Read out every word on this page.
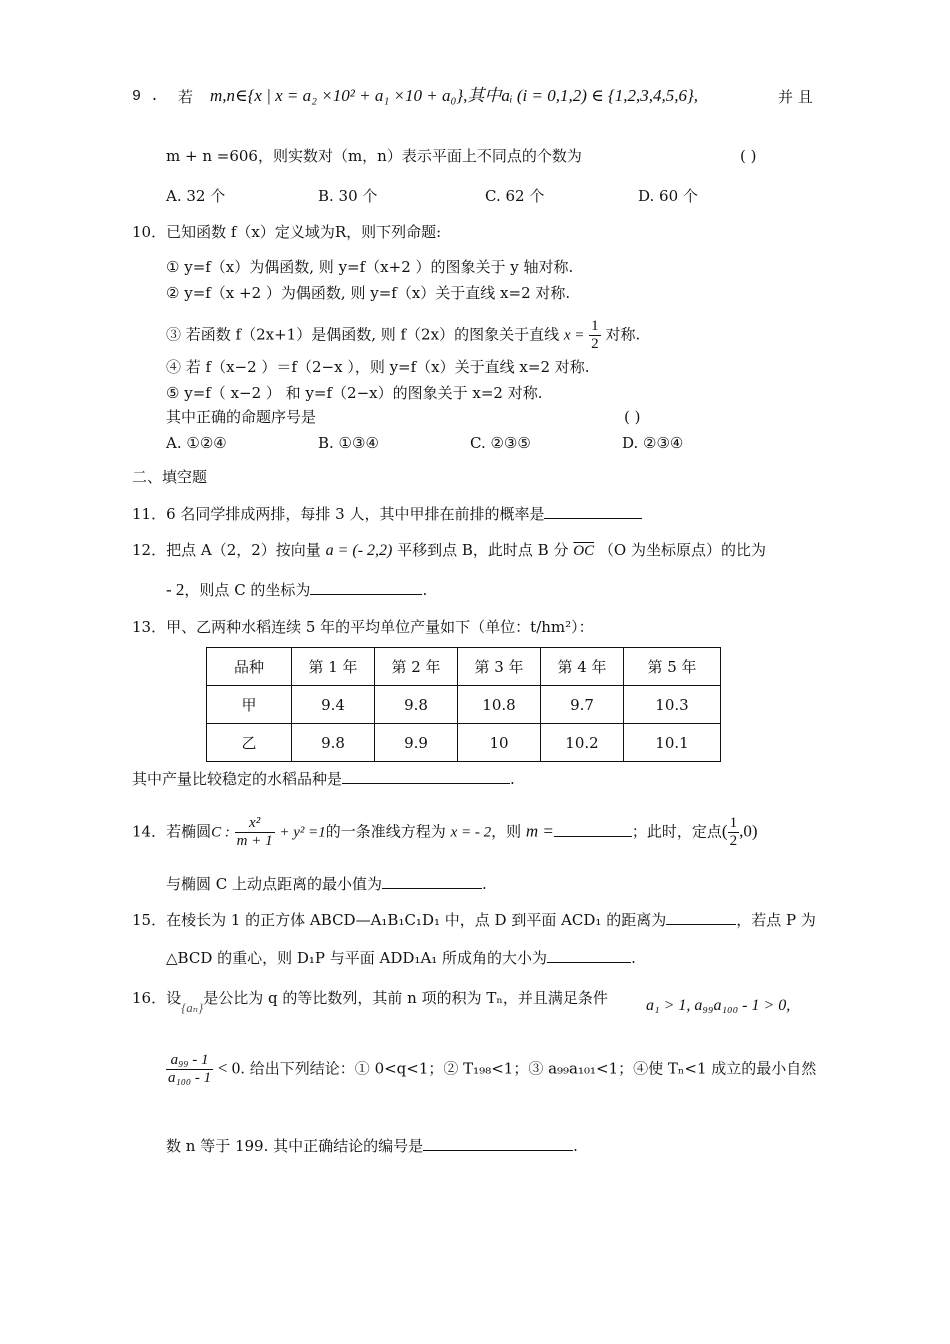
9 . 若 m,n∈{x | x = a₂ ×10² + a₁ ×10 + a₀},其中aᵢ (i = 0,1,2) ∈ {1,2,3,4,5,6},	并 且
m + n =606，则实数对（m，n）表示平面上不同点的个数为	( )
A. 32 个	B. 30 个	C. 62 个	D. 60 个
10．已知函数 f（x）定义域为R，则下列命题:
① y=f（x）为偶函数, 则 y=f（x+2 ）的图象关于 y 轴对称.
② y=f（x +2 ）为偶函数, 则 y=f（x）关于直线 x=2 对称.
③ 若函数 f（2x+1）是偶函数, 则 f（2x）的图象关于直线 $x = \frac{1}{2}$ 对称.
④ 若 f（x−2 ）＝f（2−x ），则 y=f（x）关于直线 x=2 对称.
⑤ y=f（ x−2 ） 和 y=f（2−x）的图象关于 x=2 对称.
其中正确的命题序号是	( )
A. ①②④	B. ①③④	C. ②③⑤	D. ②③④
二、填空题
11．6 名同学排成两排，每排 3 人，其中甲排在前排的概率是
12．把点 A（2，2）按向量 a = (- 2,2) 平移到点 B，此时点 B 分 $\overline{OC}$ （O 为坐标原点）的比为
- 2，则点 C 的坐标为	.
13．甲、乙两种水稻连续 5 年的平均单位产量如下（单位：t/hm²）：
品种	第 1 年	第 2 年	第 3 年	第 4 年	第 5 年
甲	9.4	9.8	10.8	9.7	10.3
乙	9.8	9.9	10	10.2	10.1
其中产量比较稳定的水稻品种是	.
14．若椭圆C : $\frac{\text{x²}}{m + 1} + y^2 =1$的一条准线方程为 x = - 2，则 m =	；此时，定点( $\frac{1}{2} ,0$)
与椭圆 C 上动点距离的最小值为	.
15．在棱长为 1 的正方体 ABCD—A₁B₁C₁D₁ 中，点 D 到平面 ACD₁ 的距离为	，若点 P 为
△BCD 的重心，则 D₁P 与平面 ADD₁A₁ 所成角的大小为	.
16．设{aₙ}是公比为 q 的等比数列，其前 n 项的积为 Tₙ，并且满足条件 a₁ > 1, a₉₉a₁₀₀ - 1 > 0,
$\frac{\text{a₉₉ - 1}}{\text{a₁₀₀ - 1}} < 0$. 给出下列结论：① 0<q<1；② T₁₉₈<1；③ a₉₉a₁₀₁<1；④使 Tₙ<1 成立的最小自然
数 n 等于 199. 其中正确结论的编号是	.
